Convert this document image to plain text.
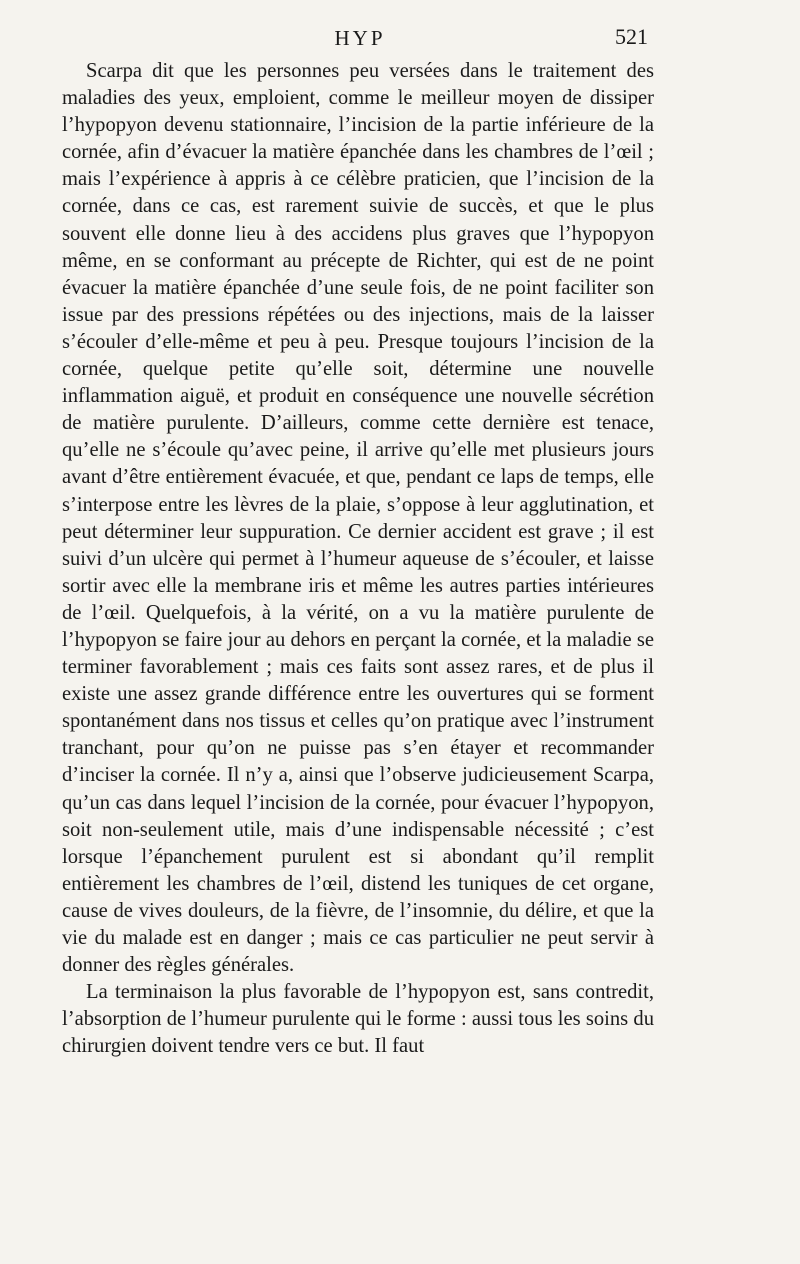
HYP	521

Scarpa dit que les personnes peu versées dans le traitement des maladies des yeux, emploient, comme le meilleur moyen de dissiper l’hypopyon devenu stationnaire, l’incision de la partie inférieure de la cornée, afin d’évacuer la matière épanchée dans les chambres de l’œil ; mais l’expérience à appris à ce célèbre praticien, que l’incision de la cornée, dans ce cas, est rarement suivie de succès, et que le plus souvent elle donne lieu à des accidens plus graves que l’hypopyon même, en se conformant au précepte de Richter, qui est de ne point évacuer la matière épanchée d’une seule fois, de ne point faciliter son issue par des pressions répétées ou des injections, mais de la laisser s’écouler d’elle-même et peu à peu. Presque toujours l’incision de la cornée, quelque petite qu’elle soit, détermine une nouvelle inflammation aiguë, et produit en conséquence une nouvelle sécrétion de matière purulente. D’ailleurs, comme cette dernière est tenace, qu’elle ne s’écoule qu’avec peine, il arrive qu’elle met plusieurs jours avant d’être entièrement évacuée, et que, pendant ce laps de temps, elle s’interpose entre les lèvres de la plaie, s’oppose à leur agglutination, et peut déterminer leur suppuration. Ce dernier accident est grave ; il est suivi d’un ulcère qui permet à l’humeur aqueuse de s’écouler, et laisse sortir avec elle la membrane iris et même les autres parties intérieures de l’œil. Quelquefois, à la vérité, on a vu la matière purulente de l’hypopyon se faire jour au dehors en perçant la cornée, et la maladie se terminer favorablement ; mais ces faits sont assez rares, et de plus il existe une assez grande différence entre les ouvertures qui se forment spontanément dans nos tissus et celles qu’on pratique avec l’instrument tranchant, pour qu’on ne puisse pas s’en étayer et recommander d’inciser la cornée. Il n’y a, ainsi que l’observe judicieusement Scarpa, qu’un cas dans lequel l’incision de la cornée, pour évacuer l’hypopyon, soit non-seulement utile, mais d’une indispensable nécessité ; c’est lorsque l’épanchement purulent est si abondant qu’il remplit entièrement les chambres de l’œil, distend les tuniques de cet organe, cause de vives douleurs, de la fièvre, de l’insomnie, du délire, et que la vie du malade est en danger ; mais ce cas particulier ne peut servir à donner des règles générales.

La terminaison la plus favorable de l’hypopyon est, sans contredit, l’absorption de l’humeur purulente qui le forme : aussi tous les soins du chirurgien doivent tendre vers ce but. Il faut
